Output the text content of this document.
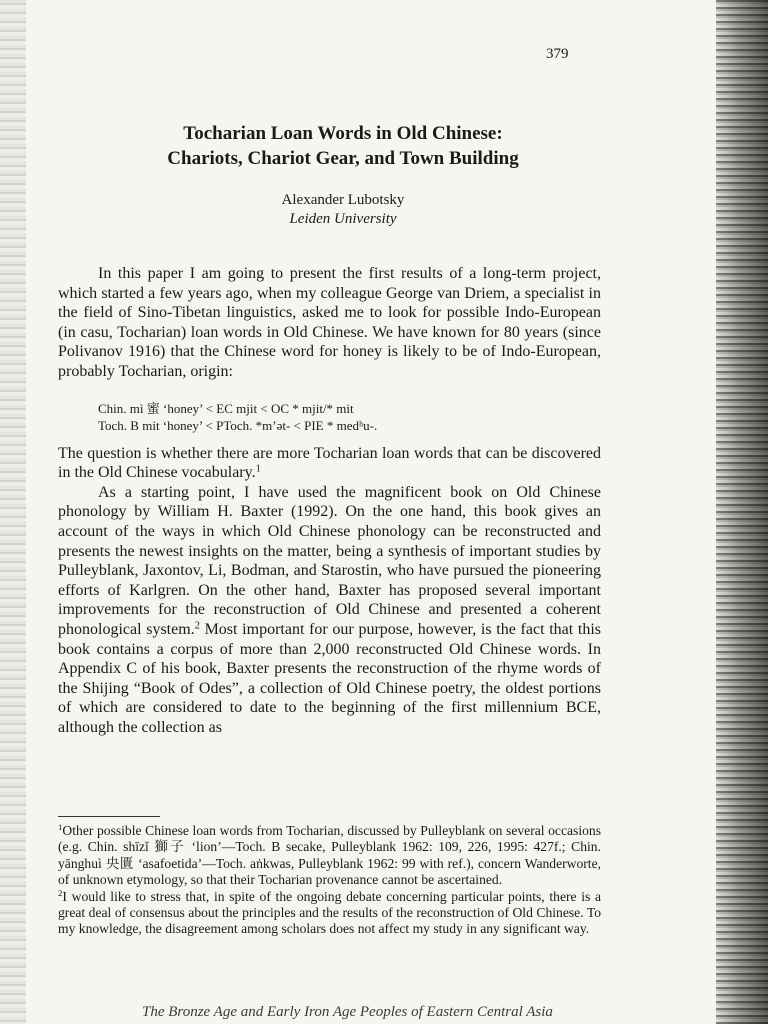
379
Tocharian Loan Words in Old Chinese:
Chariots, Chariot Gear, and Town Building
Alexander Lubotsky
Leiden University

In this paper I am going to present the first results of a long-term project, which started a few years ago, when my colleague George van Driem, a specialist in the field of Sino-Tibetan linguistics, asked me to look for possible Indo-European (in casu, Tocharian) loan words in Old Chinese. We have known for 80 years (since Polivanov 1916) that the Chinese word for honey is likely to be of Indo-European, probably Tocharian, origin:

Chin. mì 蜜 ‘honey’ < EC mjit < OC * mjit/* mit
Toch. B mit ‘honey’ < PToch. *m’ət- < PIE * medʰu-.

The question is whether there are more Tocharian loan words that can be discovered in the Old Chinese vocabulary.$^1$

As a starting point, I have used the magnificent book on Old Chinese phonology by William H. Baxter (1992). On the one hand, this book gives an account of the ways in which Old Chinese phonology can be reconstructed and presents the newest insights on the matter, being a synthesis of important studies by Pulleyblank, Jaxontov, Li, Bodman, and Starostin, who have pursued the pioneering efforts of Karlgren. On the other hand, Baxter has proposed several important improvements for the reconstruction of Old Chinese and presented a coherent phonological system.$^2$ Most important for our purpose, however, is the fact that this book contains a corpus of more than 2,000 reconstructed Old Chinese words. In Appendix C of his book, Baxter presents the reconstruction of the rhyme words of the Shijing “Book of Odes”, a collection of Old Chinese poetry, the oldest portions of which are considered to date to the beginning of the first millennium BCE, although the collection as

$^1$Other possible Chinese loan words from Tocharian, discussed by Pulleyblank on several occasions (e.g. Chin. shīzǐ 獅子 ‘lion’—Toch. B secake, Pulleyblank 1962: 109, 226, 1995: 427f.; Chin. yānghuì 央匱 ‘asafoetida’—Toch. aṅkwas, Pulleyblank 1962: 99 with ref.), concern Wanderworte, of unknown etymology, so that their Tocharian provenance cannot be ascertained.

$^2$I would like to stress that, in spite of the ongoing debate concerning particular points, there is a great deal of consensus about the principles and the results of the reconstruction of Old Chinese. To my knowledge, the disagreement among scholars does not affect my study in any significant way.

The Bronze Age and Early Iron Age Peoples of Eastern Central Asia
